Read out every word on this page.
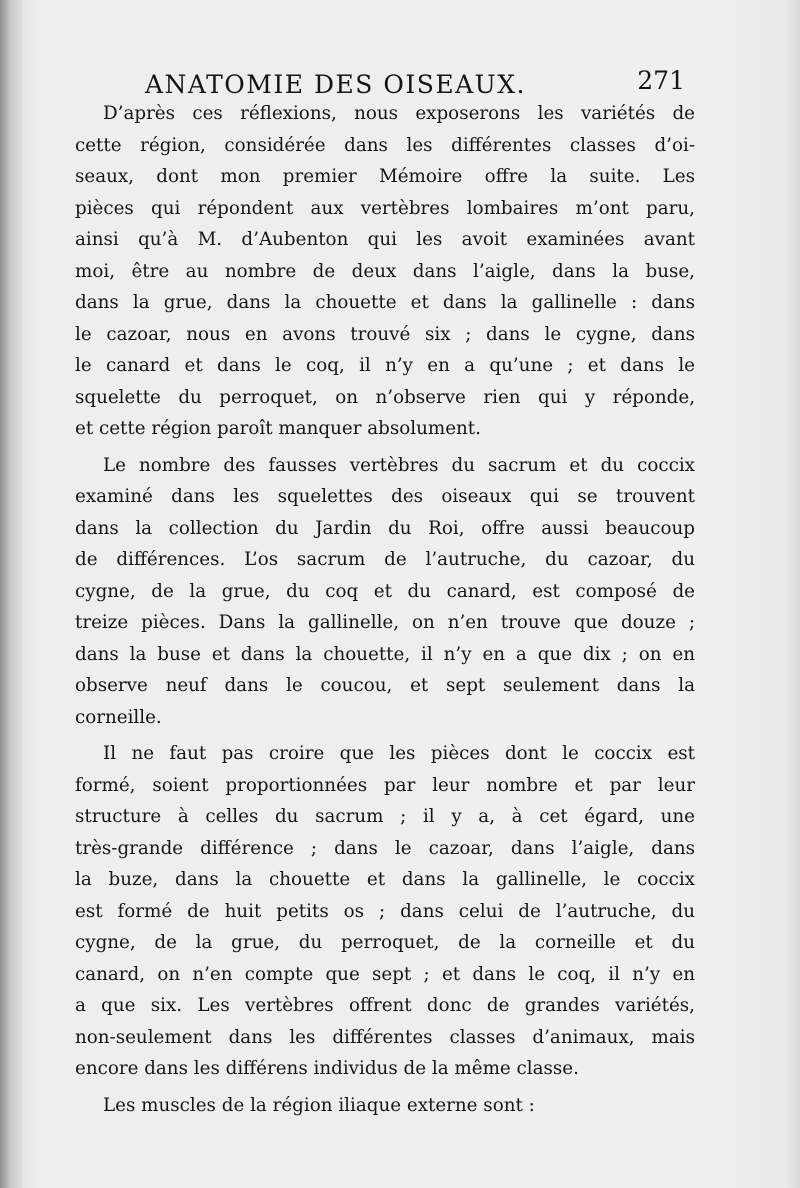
ANATOMIE DES OISEAUX.	271
D’après ces réflexions, nous exposerons les variétés de
cette région, considérée dans les différentes classes d’oi-
seaux, dont mon premier Mémoire offre la suite. Les
pièces qui répondent aux vertèbres lombaires m’ont paru,
ainsi qu’à M. d’Aubenton qui les avoit examinées avant
moi, être au nombre de deux dans l’aigle, dans la buse,
dans la grue, dans la chouette et dans la gallinelle : dans
le cazoar, nous en avons trouvé six ; dans le cygne, dans
le canard et dans le coq, il n’y en a qu’une ; et dans le
squelette du perroquet, on n’observe rien qui y réponde,
et cette région paroît manquer absolument.
Le nombre des fausses vertèbres du sacrum et du coccix
examiné dans les squelettes des oiseaux qui se trouvent
dans la collection du Jardin du Roi, offre aussi beaucoup
de différences. L’os sacrum de l’autruche, du cazoar, du
cygne, de la grue, du coq et du canard, est composé de
treize pièces. Dans la gallinelle, on n’en trouve que douze ;
dans la buse et dans la chouette, il n’y en a que dix ; on en
observe neuf dans le coucou, et sept seulement dans la
corneille.
Il ne faut pas croire que les pièces dont le coccix est
formé, soient proportionnées par leur nombre et par leur
structure à celles du sacrum ; il y a, à cet égard, une
très-grande différence ; dans le cazoar, dans l’aigle, dans
la buze, dans la chouette et dans la gallinelle, le coccix
est formé de huit petits os ; dans celui de l’autruche, du
cygne, de la grue, du perroquet, de la corneille et du
canard, on n’en compte que sept ; et dans le coq, il n’y en
a que six. Les vertèbres offrent donc de grandes variétés,
non-seulement dans les différentes classes d’animaux, mais
encore dans les différens individus de la même classe.
Les muscles de la région iliaque externe sont :
